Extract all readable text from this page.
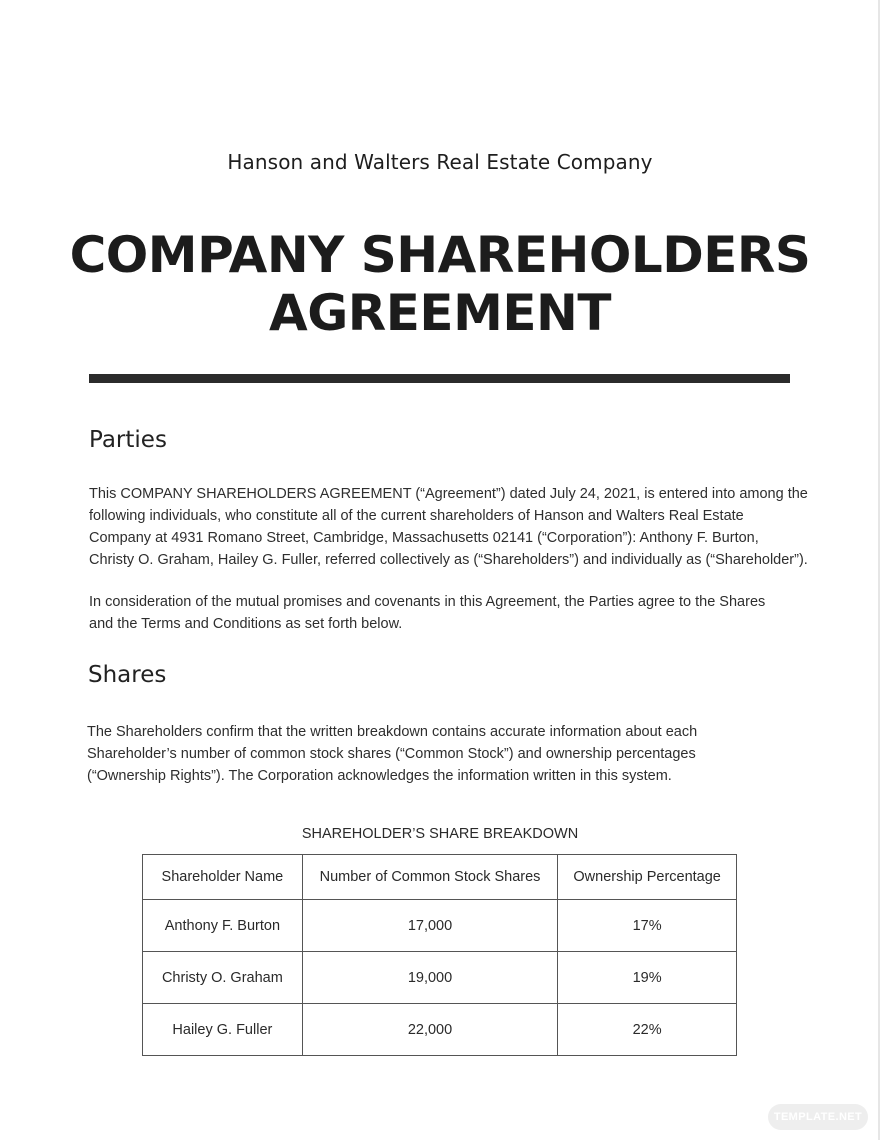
Hanson and Walters Real Estate Company
COMPANY SHAREHOLDERS
AGREEMENT
Parties
This COMPANY SHAREHOLDERS AGREEMENT (“Agreement”) dated July 24, 2021, is entered into among the
following individuals, who constitute all of the current shareholders of Hanson and Walters Real Estate
Company at 4931 Romano Street, Cambridge, Massachusetts 02141 (“Corporation”): Anthony F. Burton,
Christy O. Graham, Hailey G. Fuller, referred collectively as (“Shareholders”) and individually as (“Shareholder”).
In consideration of the mutual promises and covenants in this Agreement, the Parties agree to the Shares
and the Terms and Conditions as set forth below.
Shares
The Shareholders confirm that the written breakdown contains accurate information about each
Shareholder’s number of common stock shares (“Common Stock”) and ownership percentages
(“Ownership Rights”). The Corporation acknowledges the information written in this system.
SHAREHOLDER’S SHARE BREAKDOWN
Shareholder Name	Number of Common Stock Shares	Ownership Percentage
Anthony F. Burton	17,000	17%
Christy O. Graham	19,000	19%
Hailey G. Fuller	22,000	22%
TEMPLATE.NET
